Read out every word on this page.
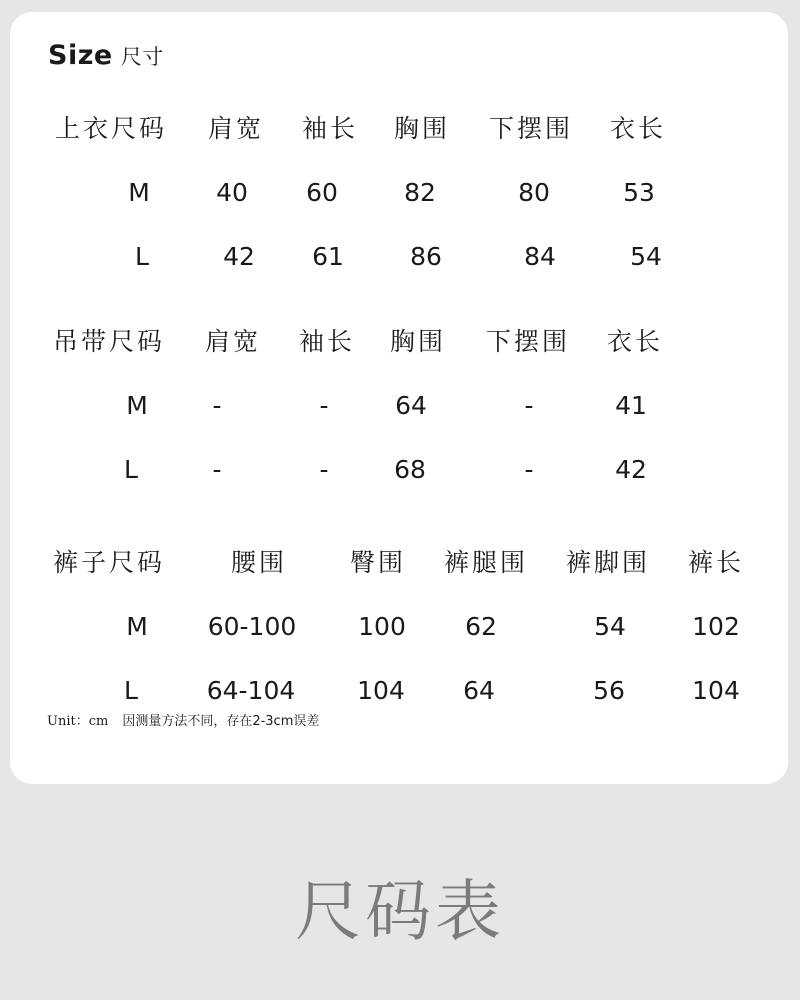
Size 尺寸
上衣尺码 肩宽 袖长 胸围 下摆围 衣长
M	40 60	82	80	53
L	42 61	86	84	54
吊带尺码 肩宽 袖长 胸围 下摆围 衣长
M	-	-	64	-	41
L	-	-	68	-	42
裤子尺码	腰围	臀围 裤腿围 裤脚围 裤长
M 60-100 100 62	54	102
L	64-104 104 64	56	104
Unit：cm 因测量方法不同，存在2-3cm误差
尺码表
